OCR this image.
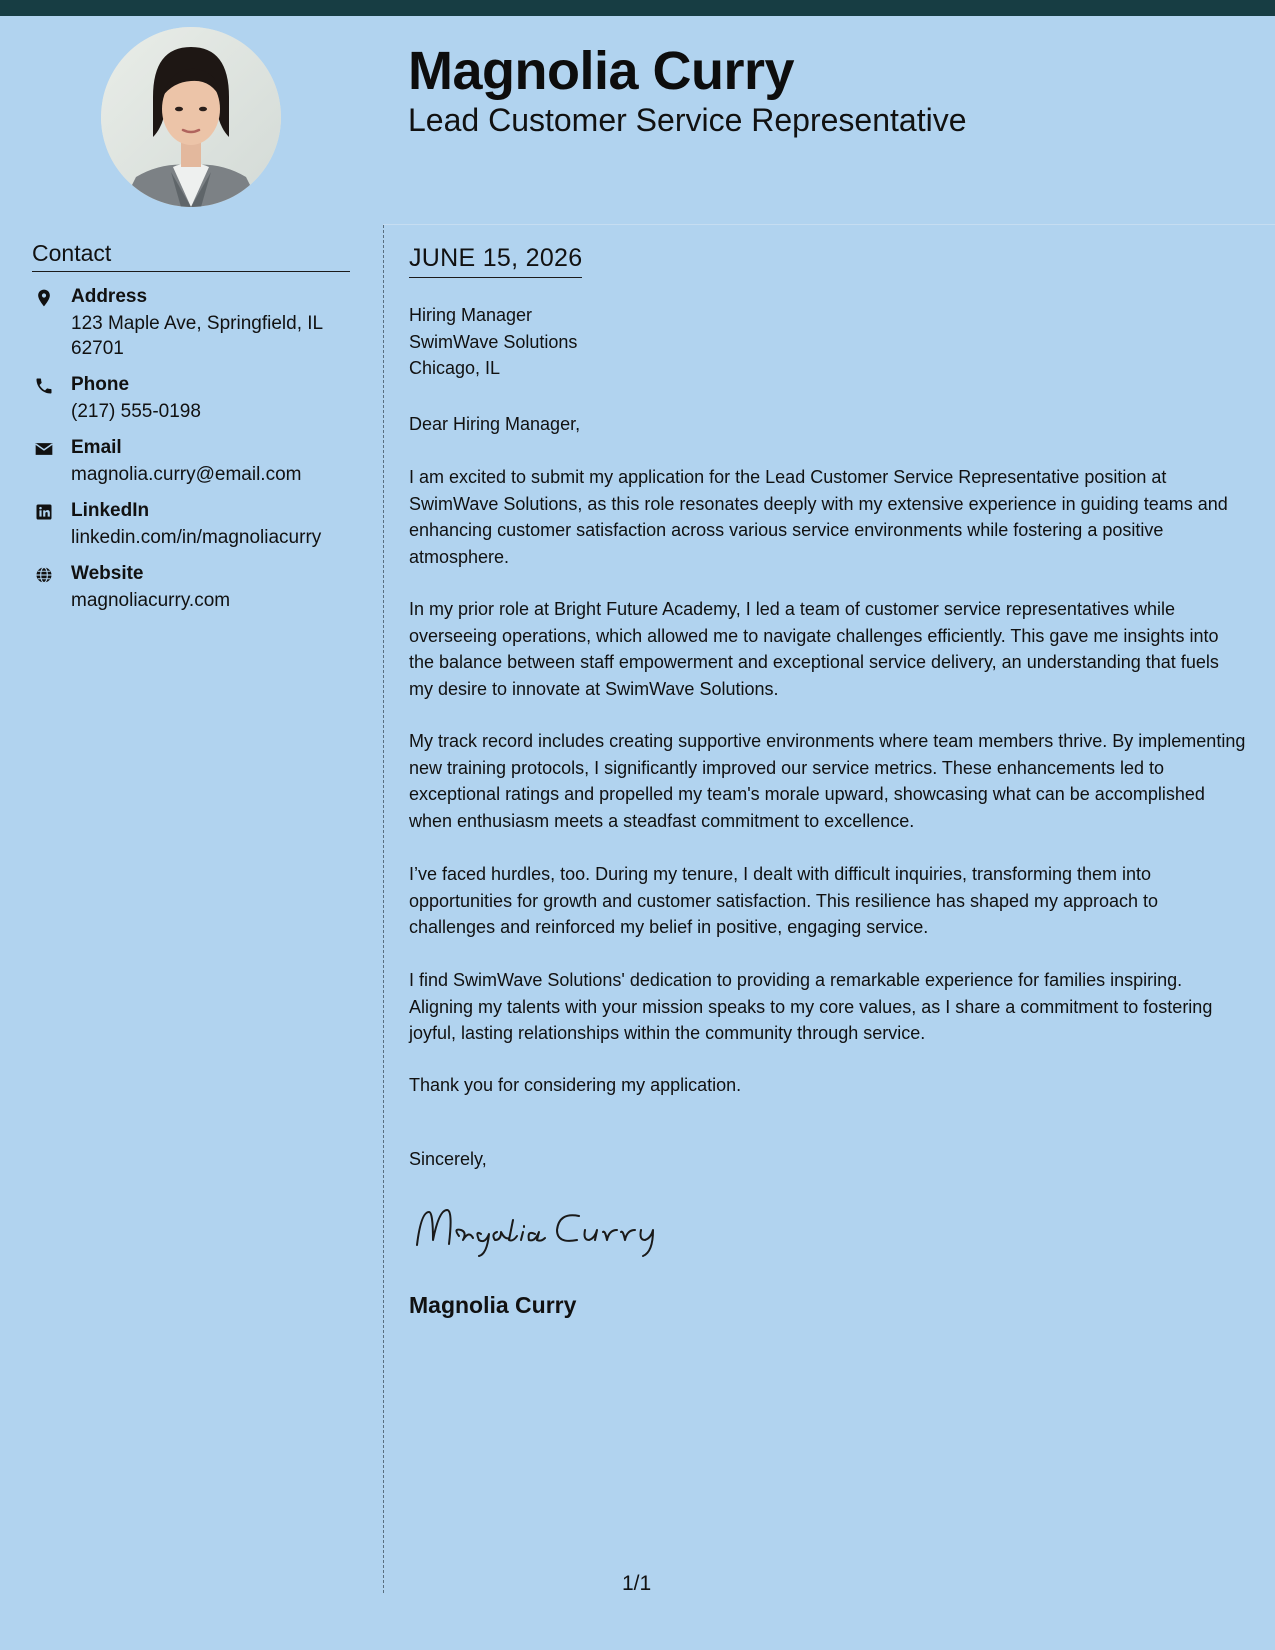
Magnolia Curry
Lead Customer Service Representative
Contact
Address
123 Maple Ave, Springfield, IL 62701
Phone
(217) 555-0198
Email
magnolia.curry@email.com
LinkedIn
linkedin.com/in/magnoliacurry
Website
magnoliacurry.com
JUNE 15, 2026
Hiring Manager
SwimWave Solutions
Chicago, IL

Dear Hiring Manager,

I am excited to submit my application for the Lead Customer Service Representative position at SwimWave Solutions, as this role resonates deeply with my extensive experience in guiding teams and enhancing customer satisfaction across various service environments while fostering a positive atmosphere.

In my prior role at Bright Future Academy, I led a team of customer service representatives while overseeing operations, which allowed me to navigate challenges efficiently. This gave me insights into the balance between staff empowerment and exceptional service delivery, an understanding that fuels my desire to innovate at SwimWave Solutions.

My track record includes creating supportive environments where team members thrive. By implementing new training protocols, I significantly improved our service metrics. These enhancements led to exceptional ratings and propelled my team's morale upward, showcasing what can be accomplished when enthusiasm meets a steadfast commitment to excellence.

I’ve faced hurdles, too. During my tenure, I dealt with difficult inquiries, transforming them into opportunities for growth and customer satisfaction. This resilience has shaped my approach to challenges and reinforced my belief in positive, engaging service.

I find SwimWave Solutions' dedication to providing a remarkable experience for families inspiring. Aligning my talents with your mission speaks to my core values, as I share a commitment to fostering joyful, lasting relationships within the community through service.

Thank you for considering my application.

Sincerely,
Magnolia Curry
1/1
